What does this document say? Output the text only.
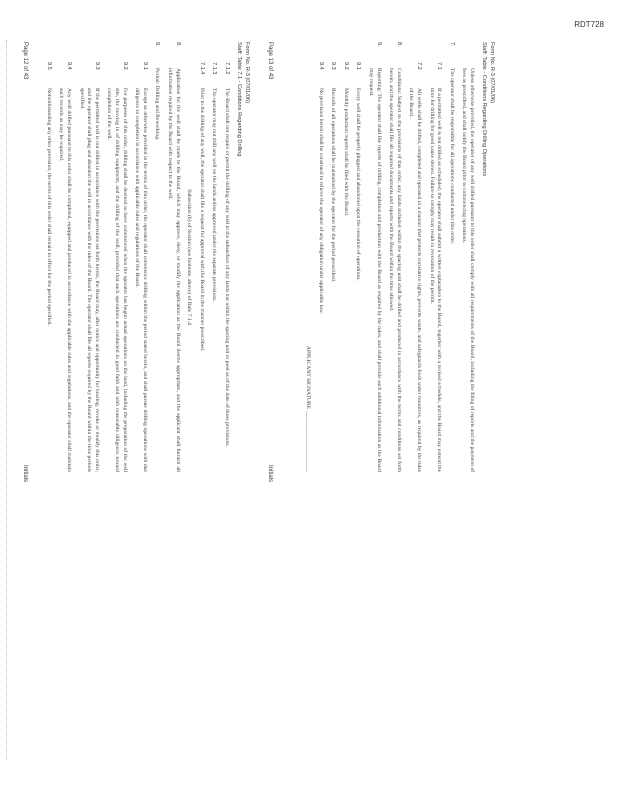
RDT728
Form No. R-3 (07/01/06)
Staff: Table 7.1 - Conditions Regarding Drilling
7.1.2
The Board shall not require or permit the drilling of any well in the subsurface of any lands not within the spacing unit or pool as of the date of these provisions.
7.1.3
The operator may not drill any well on the lands unless approved under the separate provisions.
7.1.4
Prior to the drilling of any well, the operator shall file a request for approval with the Board in the manner prescribed.
Subsection (b) of Section (see footnote, above) of Rule 7.1.4
8.
Application for the well shall be made to the Board, which may approve, deny, or modify the application as the Board deems appropriate, and the applicant shall furnish all information required by the Board with respect to the well.
9.
Period: Drilling and Reworking.
9.1
Except as otherwise provided in the terms of this order, the operator shall commence drilling within the period stated herein, and shall pursue drilling operations with due diligence to completion in accordance with applicable rules and regulations of the Board.
9.2
For purposes of this order, drilling shall be deemed to have commenced when the operator has begun actual operations on the land, including the preparation of the well site, the moving in of drilling equipment, and the drilling of the well, provided that such operations are conducted in good faith and with reasonable diligence toward completion of the well.
9.3
If the permitted well is not drilled in accordance with the provisions set forth herein, the Board may, after notice and opportunity for hearing, revoke or modify this order, and the operator shall plug and abandon the well in accordance with the rules of the Board. The operator shall file all reports required by the Board within the time periods specified.
9.4
Any well drilled pursuant to this order shall be completed, equipped and produced in accordance with the applicable rules and regulations, and the operator shall maintain such records as may be required.
9.5
Notwithstanding any other provision, the terms of this order shall remain in effect for the period specified.
Page 12 of 43
Initials
Form No. R-3 (07/01/06)
Staff: Table - Conditions Regarding Drilling Operations
Unless otherwise provided, the operator of any well drilled pursuant to this order shall comply with all requirements of the Board, including the filing of reports and the payment of fees as prescribed, and shall notify the Board prior to commencing operations.
7.
The operator shall be responsible for all operations conducted under this order.
7.1
If a permitted well is not drilled as scheduled, the operator shall submit a written explanation to the Board, together with a revised schedule, and the Board may extend the time for drilling for good cause shown. Failure to comply may result in revocation of the permit.
7.2
All wells shall be drilled, completed and operated in a manner that protects correlative rights, prevents waste, and safeguards fresh water resources, as required by the rules of the Board.
8.
Conditions: Subject to the provisions of this order, any lands included within the spacing unit shall be drilled and produced in accordance with the terms and conditions set forth herein, and the operator shall file all required documents and reports with the Board within the time allowed.
9.
Reporting: The operator shall file reports of drilling, completion and production with the Board as required by the rules, and shall provide such additional information as the Board may request.
9.1
Every well shall be properly plugged and abandoned upon the cessation of operations.
9.2
Monthly production reports shall be filed with the Board.
9.3
Records of all operations shall be maintained by the operator for the period prescribed.
9.4
No provision herein shall be construed to relieve the operator of any obligation under applicable law.
APPLICANT SIGNATURE ______________________
Page 13 of 43
Initials
